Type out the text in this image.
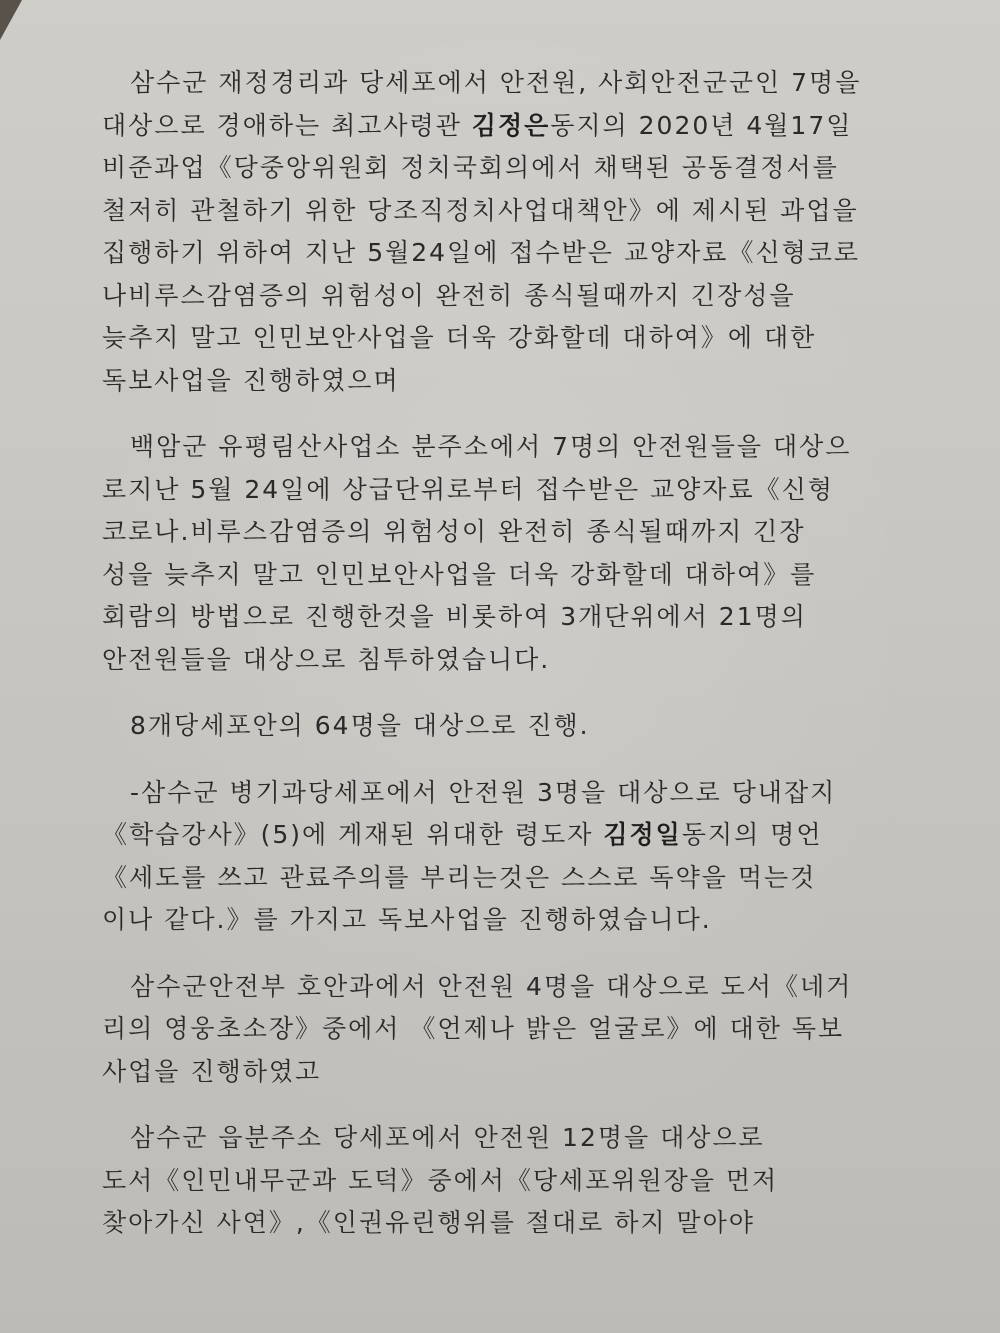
삼수군 재정경리과 당세포에서 안전원, 사회안전군군인 7명을
대상으로 경애하는 최고사령관 김정은동지의 2020년 4월17일
비준과업《당중앙위원회 정치국회의에서 채택된 공동결정서를
철저히 관철하기 위한 당조직정치사업대책안》에 제시된 과업을
집행하기 위하여 지난 5월24일에 접수받은 교양자료《신형코로
나비루스감염증의 위험성이 완전히 종식될때까지 긴장성을
늦추지 말고 인민보안사업을 더욱 강화할데 대하여》에 대한
독보사업을 진행하였으며
백암군 유평림산사업소 분주소에서 7명의 안전원들을 대상으
로지난 5월 24일에 상급단위로부터 접수받은 교양자료《신형
코로나.비루스감염증의 위험성이 완전히 종식될때까지 긴장
성을 늦추지 말고 인민보안사업을 더욱 강화할데 대하여》를
회람의 방법으로 진행한것을 비롯하여 3개단위에서 21명의
안전원들을 대상으로 침투하였습니다.
8개당세포안의 64명을 대상으로 진행.
-삼수군 병기과당세포에서 안전원 3명을 대상으로 당내잡지
《학습강사》(5)에 게재된 위대한 령도자 김정일동지의 명언
《세도를 쓰고 관료주의를 부리는것은 스스로 독약을 먹는것
이나 같다.》를 가지고 독보사업을 진행하였습니다.
삼수군안전부 호안과에서 안전원 4명을 대상으로 도서《네거
리의 영웅초소장》중에서 《언제나 밝은 얼굴로》에 대한 독보
사업을 진행하였고
삼수군 읍분주소 당세포에서 안전원 12명을 대상으로
도서《인민내무군과 도덕》중에서《당세포위원장을 먼저
찾아가신 사연》,《인권유린행위를 절대로 하지 말아야
